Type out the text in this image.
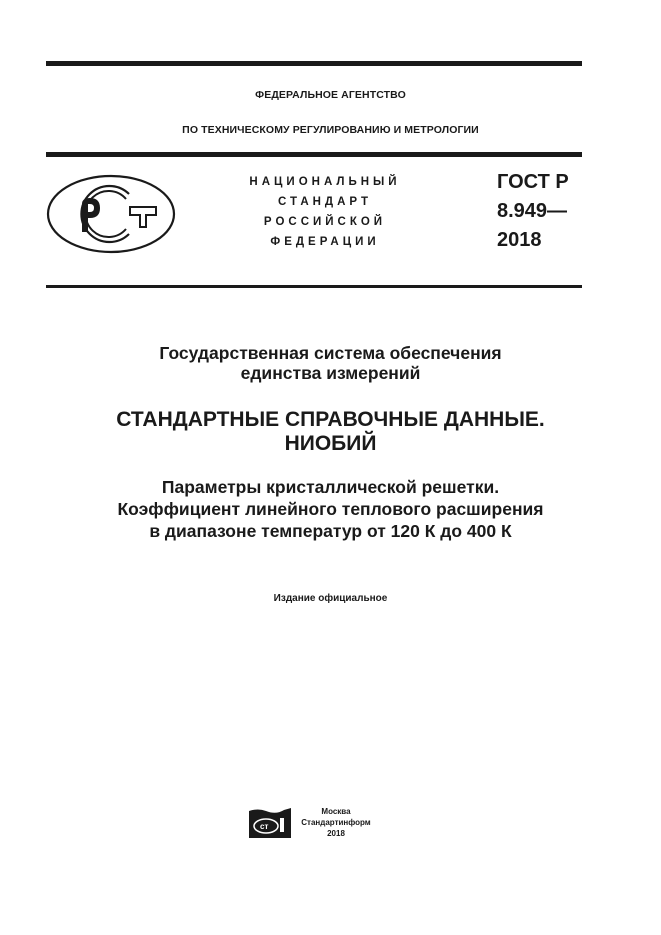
ФЕДЕРАЛЬНОЕ АГЕНТСТВО
ПО ТЕХНИЧЕСКОМУ РЕГУЛИРОВАНИЮ И МЕТРОЛОГИИ
НАЦИОНАЛЬНЫЙ
СТАНДАРТ
РОССИЙСКОЙ
ФЕДЕРАЦИИ
ГОСТ Р
8.949—
2018
Государственная система обеспечения
единства измерений
СТАНДАРТНЫЕ СПРАВОЧНЫЕ ДАННЫЕ.
НИОБИЙ
Параметры кристаллической решетки.
Коэффициент линейного теплового расширения
в диапазоне температур от 120 К до 400 К
Издание официальное
ст
Москва
Стандартинформ
2018
